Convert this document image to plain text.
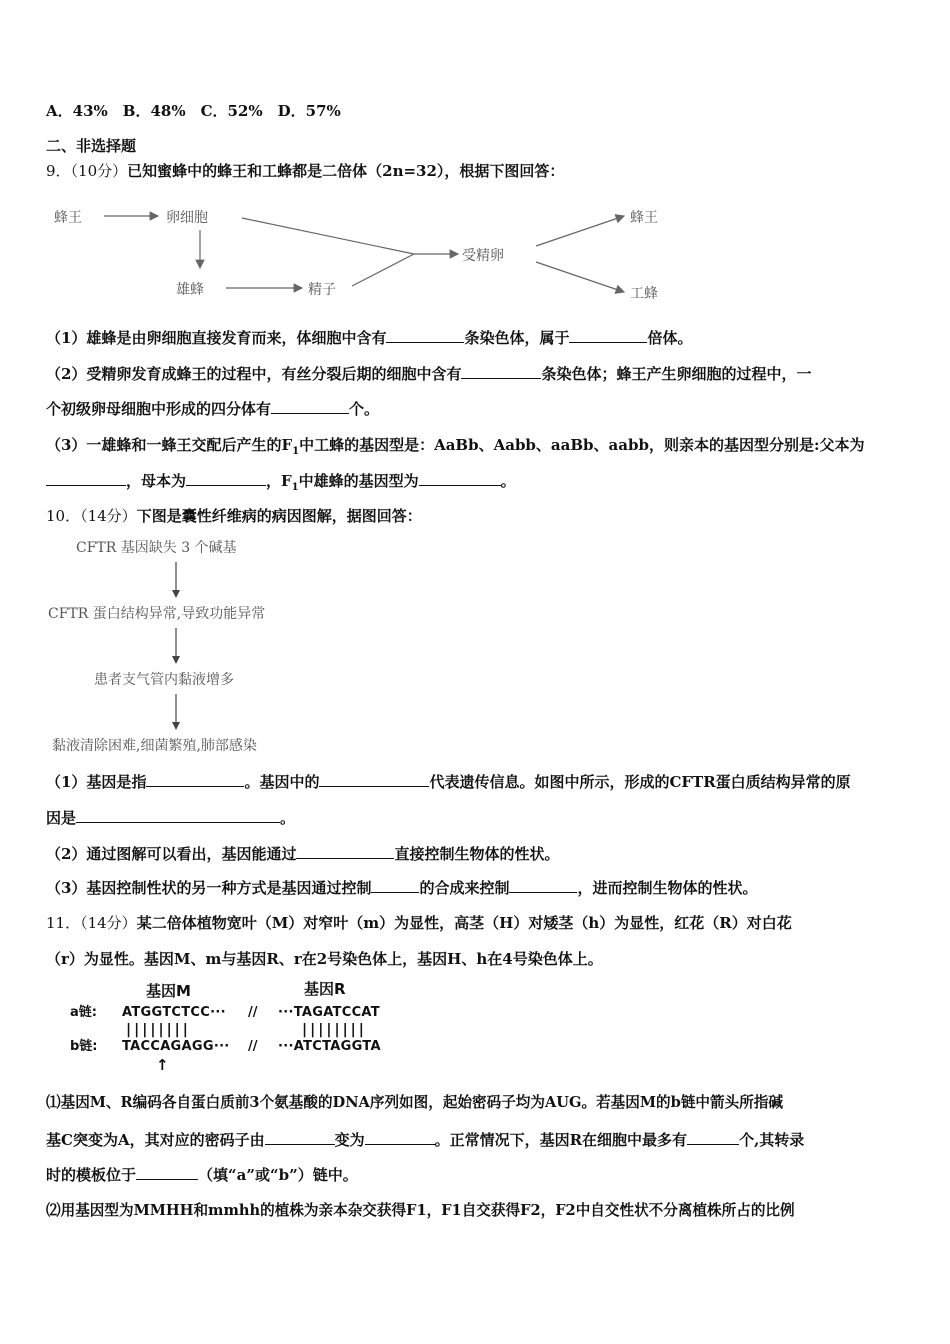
A．43%　B．48%　C．52%　D．57%
二、非选择题
9．（10分）已知蜜蜂中的蜂王和工蜂都是二倍体（2n=32），根据下图回答：
蜂王	卵细胞
雄蜂	精子
受精卵
蜂王
工蜂
（1）雄蜂是由卵细胞直接发育而来，体细胞中含有	条染色体，属于	倍体。
（2）受精卵发育成蜂王的过程中，有丝分裂后期的细胞中含有	条染色体；蜂王产生卵细胞的过程中，一
个初级卵母细胞中形成的四分体有	个。
（3）一雄蜂和一蜂王交配后产生的$F_1$中工蜂的基因型是：AaBb、Aabb、aaBb、aabb，则亲本的基因型分别是:父本为
，母本为	，$F_1$中雄蜂的基因型为	。
10．（14分）下图是囊性纤维病的病因图解，据图回答：
CFTR 基因缺失 3 个碱基
CFTR 蛋白结构异常,导致功能异常
患者支气管内黏液增多
黏液清除困难,细菌繁殖,肺部感染
（1）基因是指	。基因中的	代表遗传信息。如图中所示，形成的CFTR蛋白质结构异常的原
因是	。
（2）通过图解可以看出，基因能通过	直接控制生物体的性状。
（3）基因控制性状的另一种方式是基因通过控制	的合成来控制	，进而控制生物体的性状。
11．（14分）某二倍体植物宽叶（M）对窄叶（m）为显性，高茎（H）对矮茎（h）为显性，红花（R）对白花
（r）为显性。基因M、m与基因R、r在2号染色体上，基因H、h在4号染色体上。
基因M	基因R
a链: ATGGTCTCC··· // ···TAGATCCAT
||||||||	||||||||
b链: TACCAGAGG··· // ···ATCTAGGTA
↑
⑴基因M、R编码各自蛋白质前3个氨基酸的DNA序列如图，起始密码子均为AUG。若基因M的b链中箭头所指碱
基C突变为A，其对应的密码子由	变为	。正常情况下，基因R在细胞中最多有	个,其转录
时的模板位于	（填“a”或“b”）链中。
⑵用基因型为MMHH和mmhh的植株为亲本杂交获得F1，F1自交获得F2，F2中自交性状不分离植株所占的比例
